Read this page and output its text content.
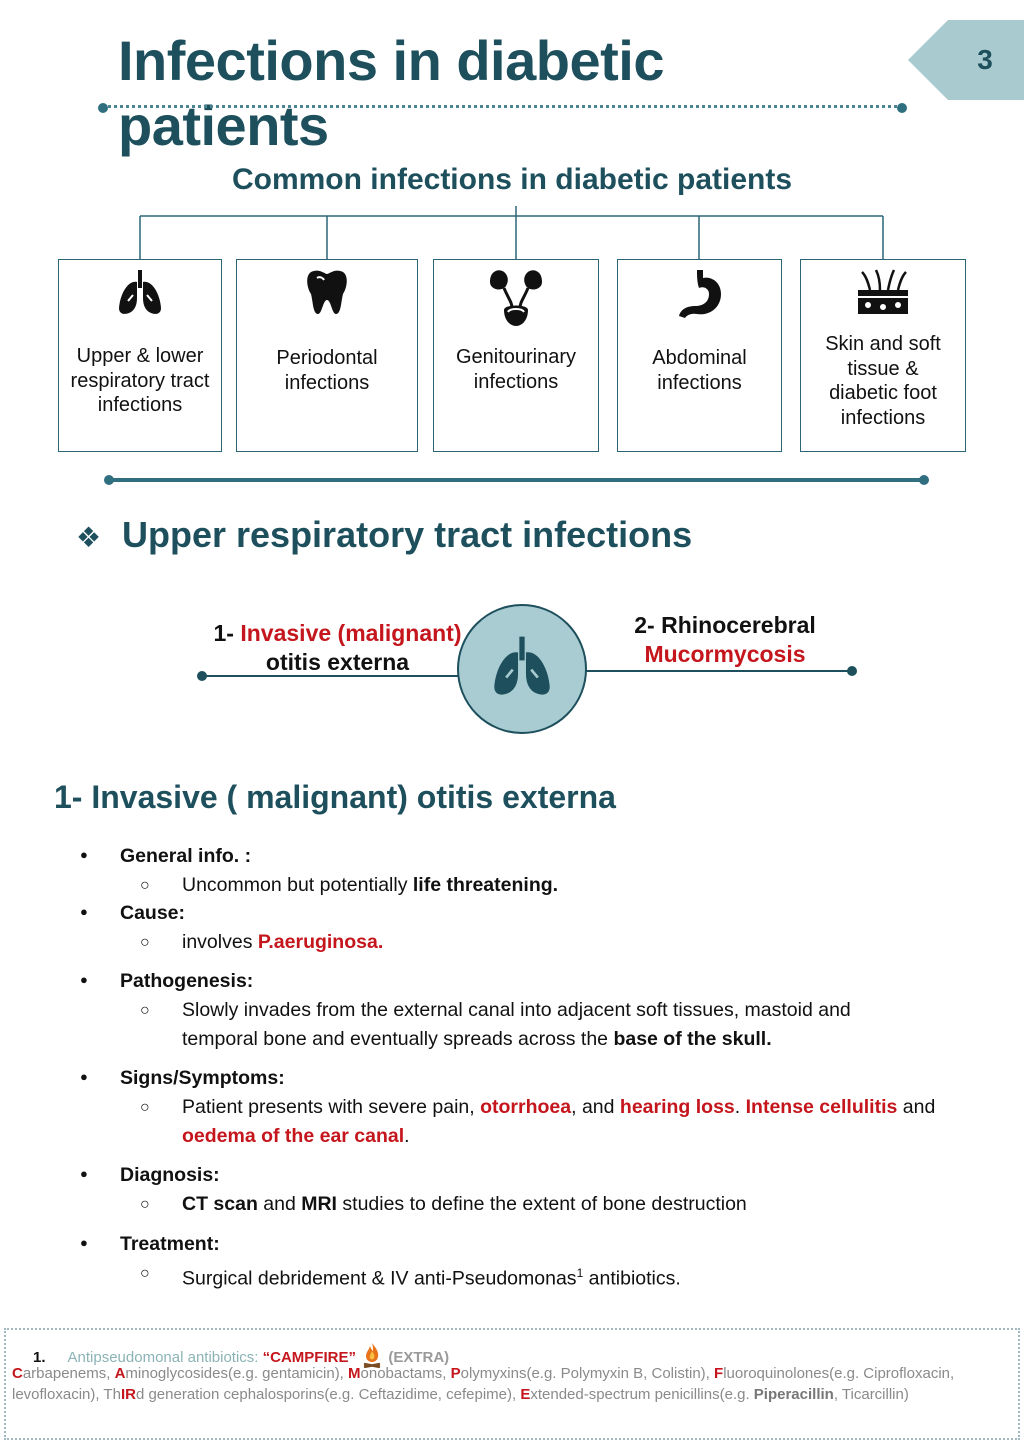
Infections in diabetic patients
3
Common infections in diabetic patients
Upper & lower
respiratory tract
infections
Periodontal
infections
Genitourinary
infections
Abdominal
infections
Skin and soft
tissue &
diabetic foot
infections
❖ Upper respiratory tract infections
1- Invasive (malignant)
otitis externa
2- Rhinocerebral
Mucormycosis
1- Invasive ( malignant) otitis externa
● General info. :
○ Uncommon but potentially life threatening.
● Cause:
○ involves P.aeruginosa.
● Pathogenesis:
○ Slowly invades from the external canal into adjacent soft tissues, mastoid and
temporal bone and eventually spreads across the base of the skull.
● Signs/Symptoms:
○ Patient presents with severe pain, otorrhoea, and hearing loss. Intense cellulitis and
oedema of the ear canal.
● Diagnosis:
○ CT scan and MRI studies to define the extent of bone destruction
● Treatment:
○ Surgical debridement & IV anti-Pseudomonas$^1$ antibiotics.
1. Antipseudomonal antibiotics: “CAMPFIRE” (EXTRA)
Carbapenems, Aminoglycosides(e.g. gentamicin), Monobactams, Polymyxins(e.g. Polymyxin B, Colistin), Fluoroquinolones(e.g. Ciprofloxacin, levofloxacin), ThIRd generation cephalosporins(e.g. Ceftazidime, cefepime), Extended-spectrum penicillins(e.g. Piperacillin, Ticarcillin)
